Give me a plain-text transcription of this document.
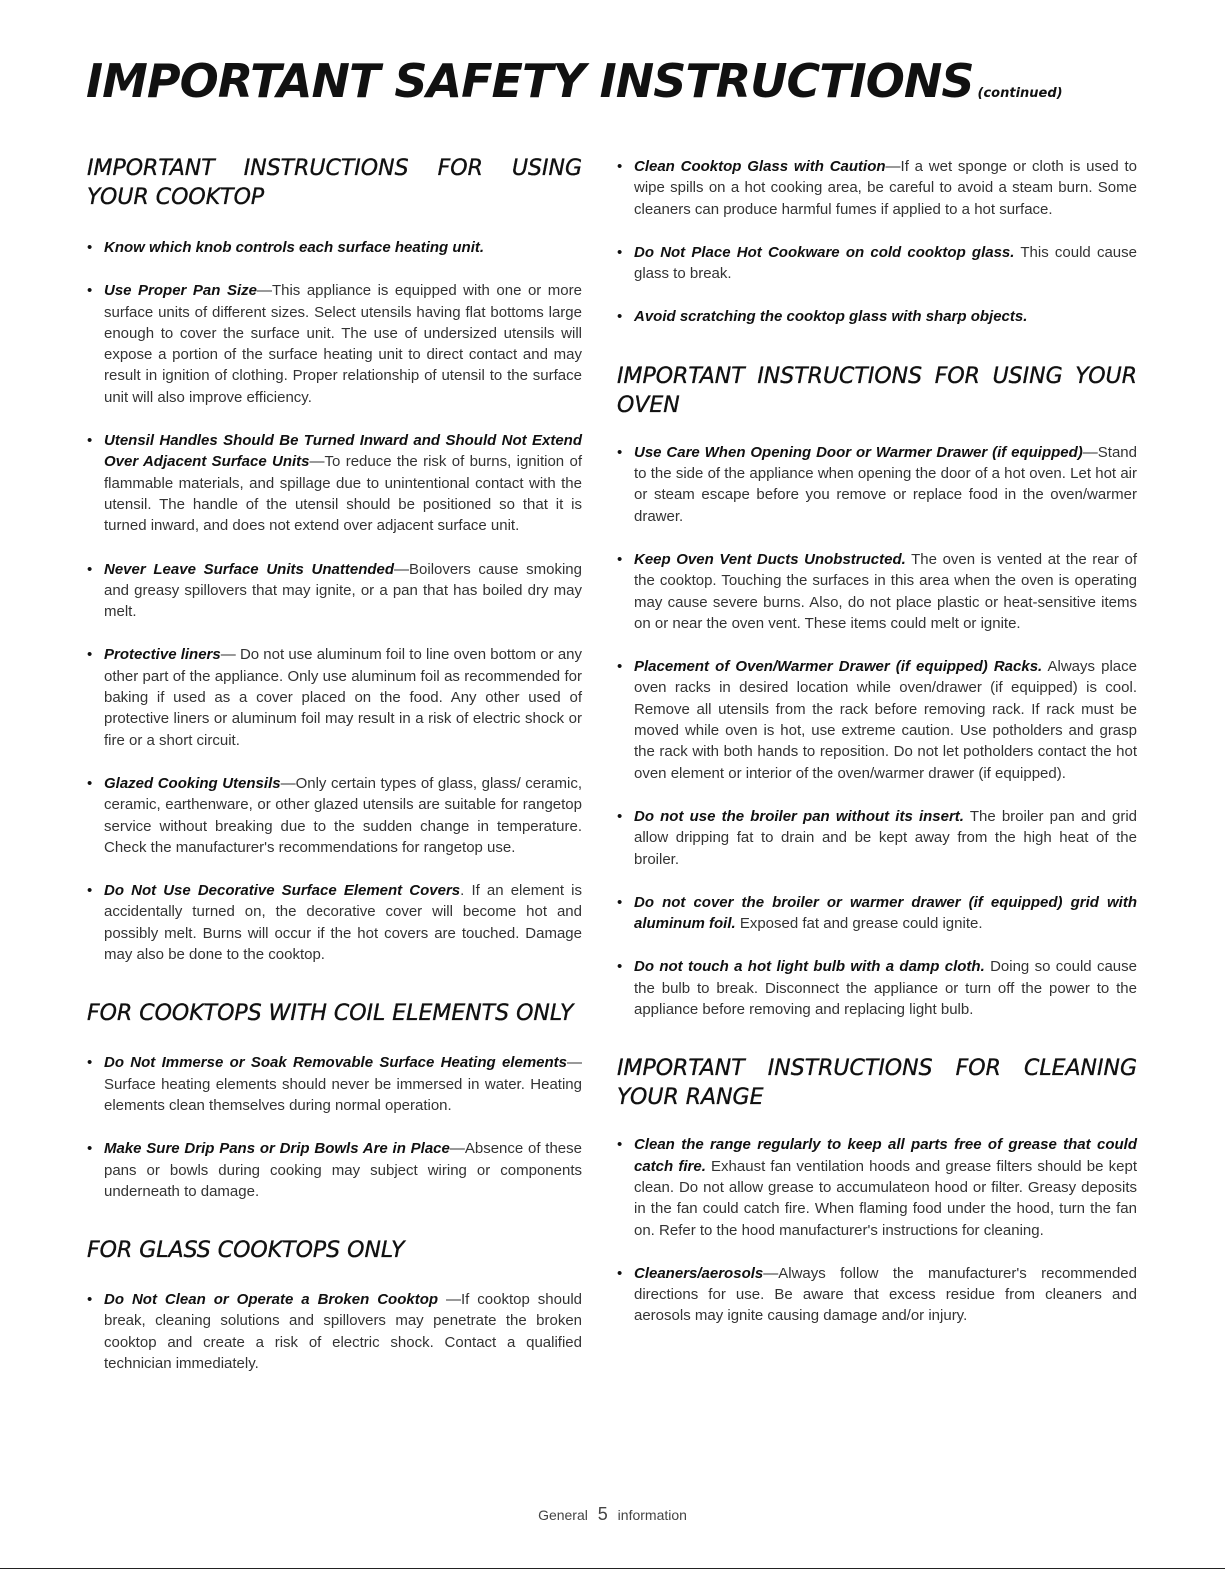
IMPORTANT SAFETY INSTRUCTIONS (continued)
IMPORTANT INSTRUCTIONS FOR USING YOUR COOKTOP
• Know which knob controls each surface heating unit.
• Use Proper Pan Size—This appliance is equipped with one or more surface units of different sizes. Select utensils having flat bottoms large enough to cover the surface unit. The use of undersized utensils will expose a portion of the surface heating unit to direct contact and may result in ignition of clothing. Proper relationship of utensil to the surface unit will also improve efficiency.
• Utensil Handles Should Be Turned Inward and Should Not Extend Over Adjacent Surface Units—To reduce the risk of burns, ignition of flammable materials, and spillage due to unintentional contact with the utensil. The handle of the utensil should be positioned so that it is turned inward, and does not extend over adjacent surface unit.
• Never Leave Surface Units Unattended—Boilovers cause smoking and greasy spillovers that may ignite, or a pan that has boiled dry may melt.
• Protective liners— Do not use aluminum foil to line oven bottom or any other part of the appliance. Only use aluminum foil as recommended for baking if used as a cover placed on the food. Any other used of protective liners or aluminum foil may result in a risk of electric shock or fire or a short circuit.
• Glazed Cooking Utensils—Only certain types of glass, glass/ ceramic, ceramic, earthenware, or other glazed utensils are suitable for rangetop service without breaking due to the sudden change in temperature. Check the manufacturer's recommendations for rangetop use.
• Do Not Use Decorative Surface Element Covers. If an element is accidentally turned on, the decorative cover will become hot and possibly melt. Burns will occur if the hot covers are touched. Damage may also be done to the cooktop.
FOR COOKTOPS WITH COIL ELEMENTS ONLY
• Do Not Immerse or Soak Removable Surface Heating elements— Surface heating elements should never be immersed in water. Heating elements clean themselves during normal operation.
• Make Sure Drip Pans or Drip Bowls Are in Place—Absence of these pans or bowls during cooking may subject wiring or components underneath to damage.
FOR GLASS COOKTOPS ONLY
• Do Not Clean or Operate a Broken Cooktop —If cooktop should break, cleaning solutions and spillovers may penetrate the broken cooktop and create a risk of electric shock. Contact a qualified technician immediately.
• Clean Cooktop Glass with Caution—If a wet sponge or cloth is used to wipe spills on a hot cooking area, be careful to avoid a steam burn. Some cleaners can produce harmful fumes if applied to a hot surface.
• Do Not Place Hot Cookware on cold cooktop glass. This could cause glass to break.
• Avoid scratching the cooktop glass with sharp objects.
IMPORTANT INSTRUCTIONS FOR USING YOUR OVEN
• Use Care When Opening Door or Warmer Drawer (if equipped)—Stand to the side of the appliance when opening the door of a hot oven. Let hot air or steam escape before you remove or replace food in the oven/warmer drawer.
• Keep Oven Vent Ducts Unobstructed. The oven is vented at the rear of the cooktop. Touching the surfaces in this area when the oven is operating may cause severe burns. Also, do not place plastic or heat-sensitive items on or near the oven vent. These items could melt or ignite.
• Placement of Oven/Warmer Drawer (if equipped) Racks. Always place oven racks in desired location while oven/drawer (if equipped) is cool. Remove all utensils from the rack before removing rack. If rack must be moved while oven is hot, use extreme caution. Use potholders and grasp the rack with both hands to reposition. Do not let potholders contact the hot oven element or interior of the oven/warmer drawer (if equipped).
• Do not use the broiler pan without its insert. The broiler pan and grid allow dripping fat to drain and be kept away from the high heat of the broiler.
• Do not cover the broiler or warmer drawer (if equipped) grid with aluminum foil. Exposed fat and grease could ignite.
• Do not touch a hot light bulb with a damp cloth. Doing so could cause the bulb to break. Disconnect the appliance or turn off the power to the appliance before removing and replacing light bulb.
IMPORTANT INSTRUCTIONS FOR CLEANING YOUR RANGE
• Clean the range regularly to keep all parts free of grease that could catch fire. Exhaust fan ventilation hoods and grease filters should be kept clean. Do not allow grease to accumulateon hood or filter. Greasy deposits in the fan could catch fire. When flaming food under the hood, turn the fan on. Refer to the hood manufacturer's instructions for cleaning.
• Cleaners/aerosols—Always follow the manufacturer's recommended directions for use. Be aware that excess residue from cleaners and aerosols may ignite causing damage and/or injury.
General 5 information
